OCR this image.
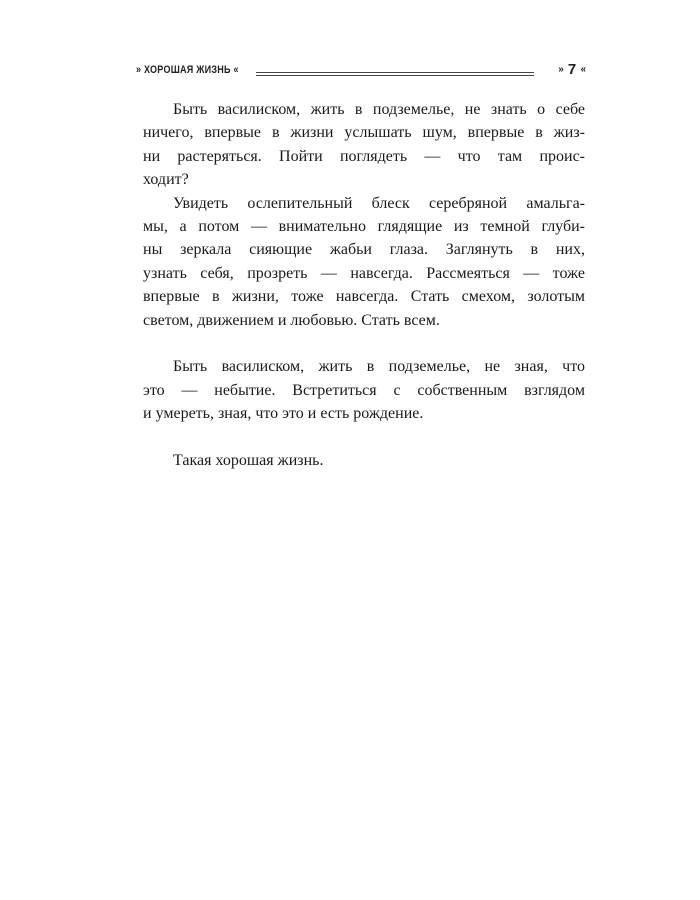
» ХОРОШАЯ ЖИЗНЬ «	» 7 «
Быть василиском, жить в подземелье, не знать о себе
ничего, впервые в жизни услышать шум, впервые в жиз-
ни растеряться. Пойти поглядеть –– что там проис-
ходит?
Увидеть ослепительный блеск серебряной амальга-
мы, а потом –– внимательно глядящие из темной глуби-
ны зеркала сияющие жабьи глаза. Заглянуть в них,
узнать себя, прозреть –– навсегда. Рассмеяться –– тоже
впервые в жизни, тоже навсегда. Стать смехом, золотым
светом, движением и любовью. Стать всем.
Быть василиском, жить в подземелье, не зная, что
это –– небытие. Встретиться с собственным взглядом
и умереть, зная, что это и есть рождение.
Такая хорошая жизнь.
